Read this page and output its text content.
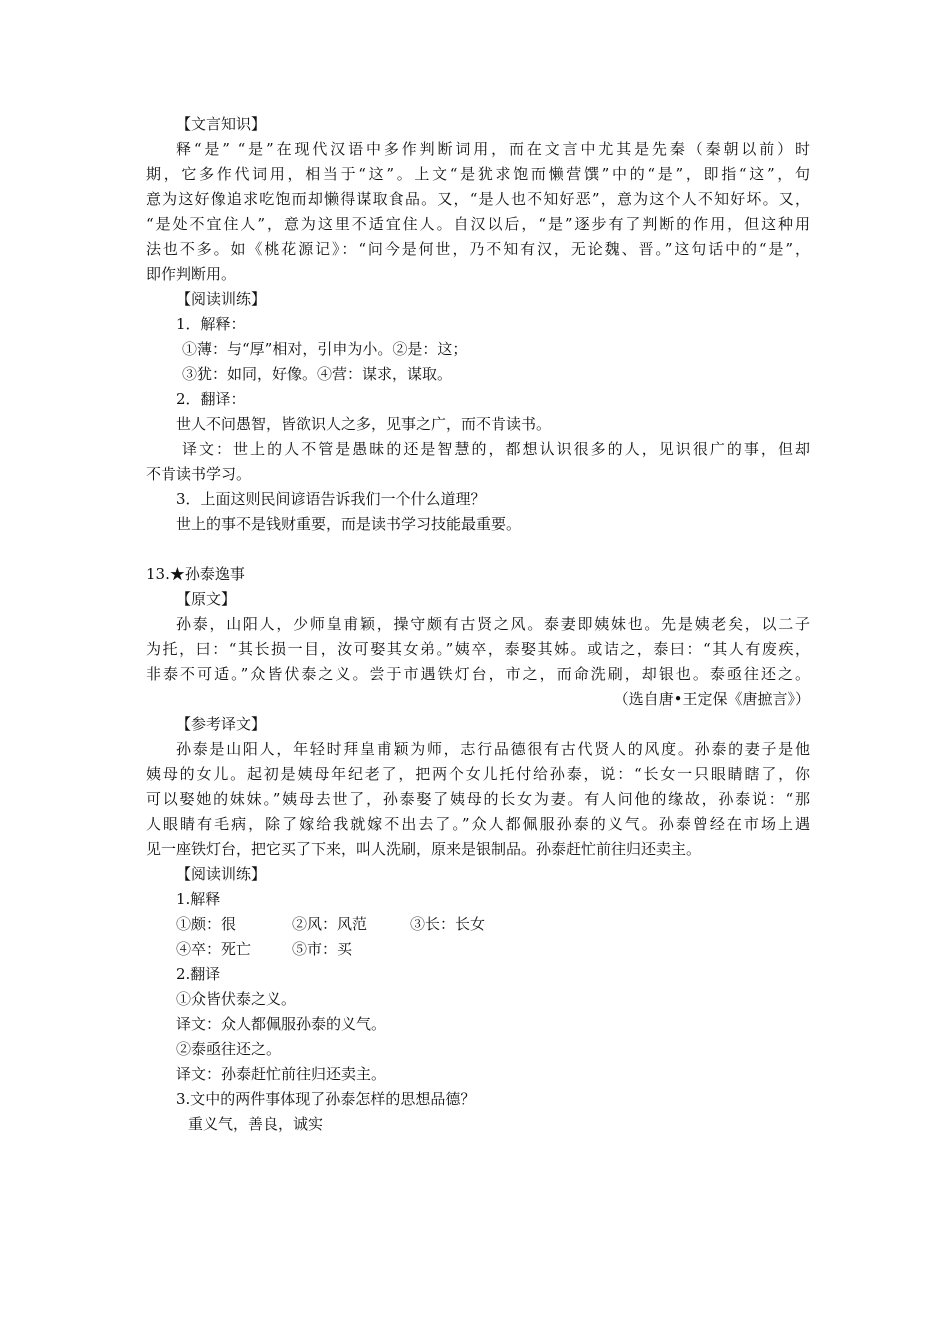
【文言知识】
释“是” “是”在现代汉语中多作判断词用，而在文言中尤其是先秦（秦朝以前）时
期，它多作代词用，相当于“这”。上文“是犹求饱而懒营馔”中的“是”，即指“这”，句
意为这好像追求吃饱而却懒得谋取食品。又，“是人也不知好恶”，意为这个人不知好坏。又，
“是处不宜住人”，意为这里不适宜住人。自汉以后，“是”逐步有了判断的作用，但这种用
法也不多。如《桃花源记》：“问今是何世，乃不知有汉，无论魏、晋。”这句话中的“是”，
即作判断用。
【阅读训练】
1．解释：
①薄：与“厚”相对，引申为小。②是：这；
③犹：如同，好像。④营：谋求，谋取。
2．翻译：
世人不问愚智，皆欲识人之多，见事之广，而不肯读书。
译文：世上的人不管是愚昧的还是智慧的，都想认识很多的人，见识很广的事，但却
不肯读书学习。
3．上面这则民间谚语告诉我们一个什么道理？
世上的事不是钱财重要，而是读书学习技能最重要。
13.★孙泰逸事
【原文】
孙泰，山阳人，少师皇甫颖，操守颇有古贤之风。泰妻即姨妹也。先是姨老矣，以二子
为托，曰：“其长损一目，汝可娶其女弟。”姨卒，泰娶其姊。或诘之，泰曰：“其人有废疾，
非泰不可适。”众皆伏泰之义。尝于市遇铁灯台，市之，而命洗刷，却银也。泰亟往还之。
（选自唐•王定保《唐摭言》）
【参考译文】
孙泰是山阳人，年轻时拜皇甫颖为师，志行品德很有古代贤人的风度。孙泰的妻子是他
姨母的女儿。起初是姨母年纪老了，把两个女儿托付给孙泰，说：“长女一只眼睛瞎了，你
可以娶她的妹妹。”姨母去世了，孙泰娶了姨母的长女为妻。有人问他的缘故，孙泰说：“那
人眼睛有毛病，除了嫁给我就嫁不出去了。”众人都佩服孙泰的义气。孙泰曾经在市场上遇
见一座铁灯台，把它买了下来，叫人洗刷，原来是银制品。孙泰赶忙前往归还卖主。
【阅读训练】
1.解释
①颇：很	②风：风范	③长：长女
④卒：死亡	⑤市：买
2.翻译
①众皆伏泰之义。
译文：众人都佩服孙泰的义气。
②泰亟往还之。
译文：孙泰赶忙前往归还卖主。
3.文中的两件事体现了孙泰怎样的思想品德？
重义气，善良，诚实
